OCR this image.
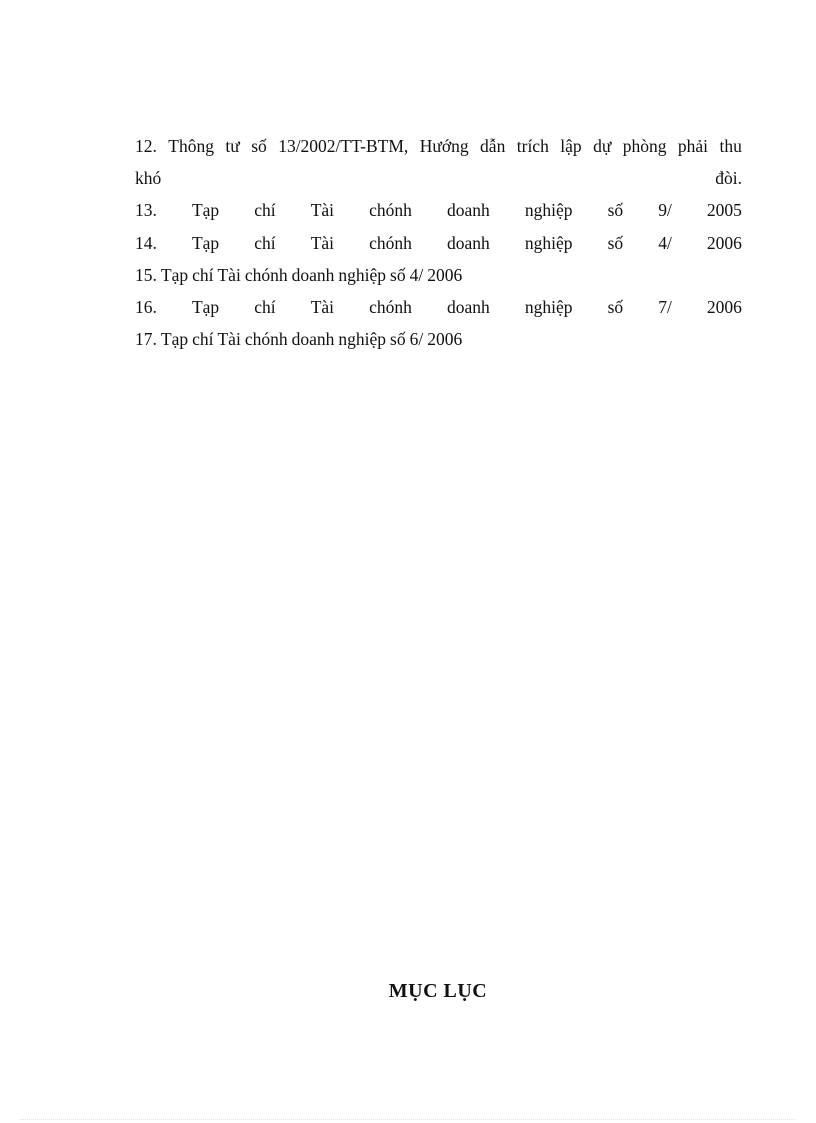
12. Thông tư số 13/2002/TT-BTM, Hướng dẫn trích lập dự phòng phải thu
khó	đòi.
13. Tạp chí Tài chónh doanh nghiệp số 9/ 2005
14. Tạp chí Tài chónh doanh nghiệp số 4/ 2006
15. Tạp chí Tài chónh doanh nghiệp số 4/ 2006
16. Tạp chí Tài chónh doanh nghiệp số 7/ 2006
17. Tạp chí Tài chónh doanh nghiệp số 6/ 2006
MỤC LỤC
